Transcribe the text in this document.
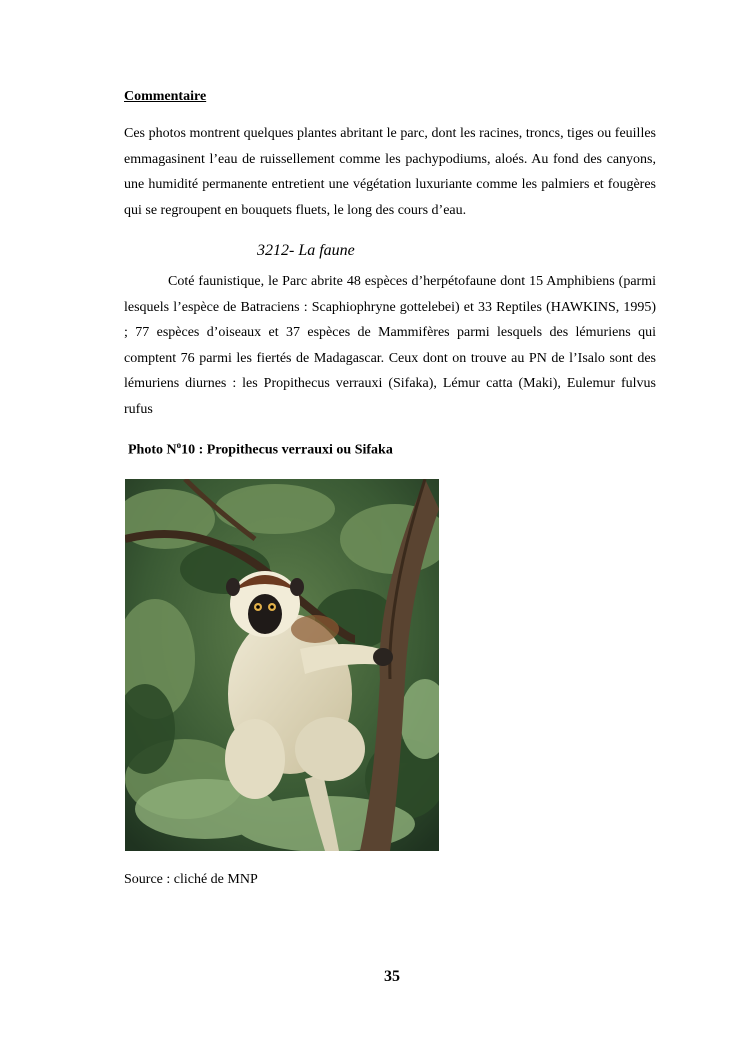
Commentaire

Ces photos montrent quelques plantes abritant le parc, dont les racines, troncs, tiges ou feuilles emmagasinent l’eau de ruissellement comme les pachypodiums, aloés. Au fond des canyons, une humidité permanente entretient une végétation luxuriante comme les palmiers et fougères qui se regroupent en bouquets fluets, le long des cours d’eau.

3212- La faune

Coté faunistique, le Parc abrite 48 espèces d’herpétofaune dont 15 Amphibiens (parmi lesquels l’espèce de Batraciens : Scaphiophryne gottelebei) et 33 Reptiles (HAWKINS, 1995) ; 77 espèces d’oiseaux et 37 espèces de Mammifères parmi lesquels des lémuriens qui comptent 76 parmi les fiertés de Madagascar. Ceux dont on trouve au PN de l’Isalo sont des lémuriens diurnes : les Propithecus verrauxi (Sifaka), Lémur catta (Maki), Eulemur fulvus rufus

Photo $N^o10$ : Propithecus verrauxi ou Sifaka

Source : cliché de MNP

35
